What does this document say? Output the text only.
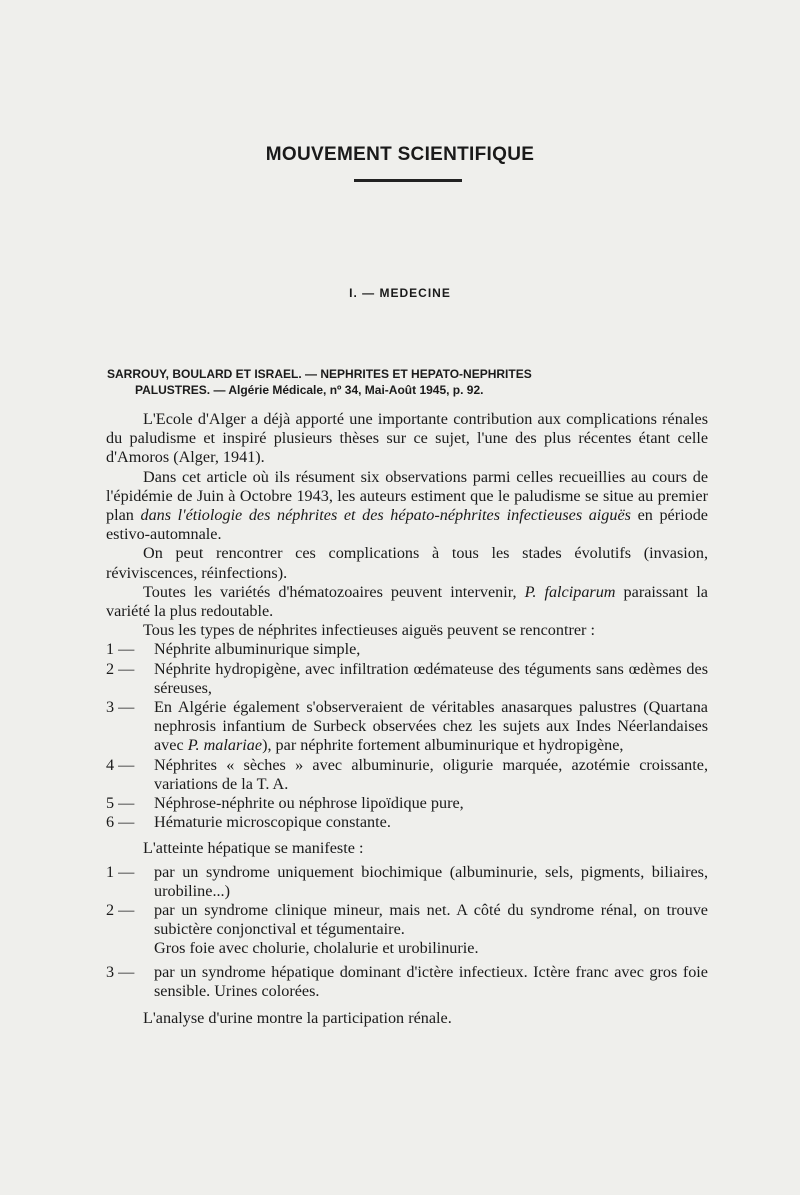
MOUVEMENT SCIENTIFIQUE
I. — MEDECINE
SARROUY, BOULARD ET ISRAEL. — NEPHRITES ET HEPATO-NEPHRITES
PALUSTRES. — Algérie Médicale, nº 34, Mai-Août 1945, p. 92.

L'Ecole d'Alger a déjà apporté une importante contribution aux complications rénales du paludisme et inspiré plusieurs thèses sur ce sujet, l'une des plus récentes étant celle d'Amoros (Alger, 1941).

Dans cet article où ils résument six observations parmi celles recueillies au cours de l'épidémie de Juin à Octobre 1943, les auteurs estiment que le paludisme se situe au premier plan dans l'étiologie des néphrites et des hépato-néphrites infectieuses aiguës en période estivo-automnale.

On peut rencontrer ces complications à tous les stades évolutifs (invasion, réviviscences, réinfections).

Toutes les variétés d'hématozoaires peuvent intervenir, P. falciparum paraissant la variété la plus redoutable.

Tous les types de néphrites infectieuses aiguës peuvent se rencontrer :

1 —	Néphrite albuminurique simple,
2 —	Néphrite hydropigène, avec infiltration œdémateuse des téguments sans œdèmes des séreuses,
3 —	En Algérie également s'observeraient de véritables anasarques palustres (Quartana nephrosis infantium de Surbeck observées chez les sujets aux Indes Néerlandaises avec P. malariae), par néphrite fortement albuminurique et hydropigène,
4 —	Néphrites « sèches » avec albuminurie, oligurie marquée, azotémie croissante, variations de la T. A.
5 —	Néphrose-néphrite ou néphrose lipoïdique pure,
6 —	Hématurie microscopique constante.

L'atteinte hépatique se manifeste :

1 —	par un syndrome uniquement biochimique (albuminurie, sels, pigments, biliaires, urobiline...)
2 —	par un syndrome clinique mineur, mais net. A côté du syndrome rénal, on trouve subictère conjonctival et tégumentaire.
Gros foie avec cholurie, cholalurie et urobilinurie.
3 —	par un syndrome hépatique dominant d'ictère infectieux. Ictère franc avec gros foie sensible. Urines colorées.

L'analyse d'urine montre la participation rénale.
